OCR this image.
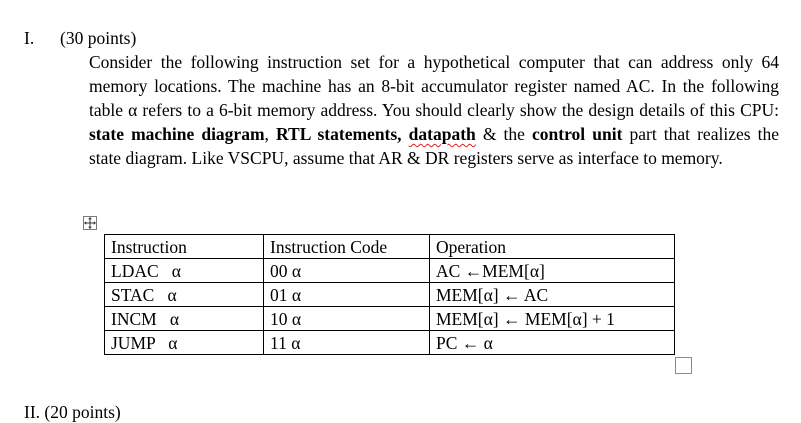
I. (30 points)
Consider the following instruction set for a hypothetical computer that can address only 64 memory locations. The machine has an 8-bit accumulator register named AC. In the following table α refers to a 6-bit memory address. You should clearly show the design details of this CPU: state machine diagram, RTL statements, datapath & the control unit part that realizes the state diagram. Like VSCPU, assume that AR & DR registers serve as interface to memory.
Instruction	Instruction Code	Operation
LDAC   α	00 α	AC ←MEM[α]
STAC   α	01 α	MEM[α] ← AC
INCM   α	10 α	MEM[α] ← MEM[α] + 1
JUMP   α	11 α	PC ← α
II. (20 points)
